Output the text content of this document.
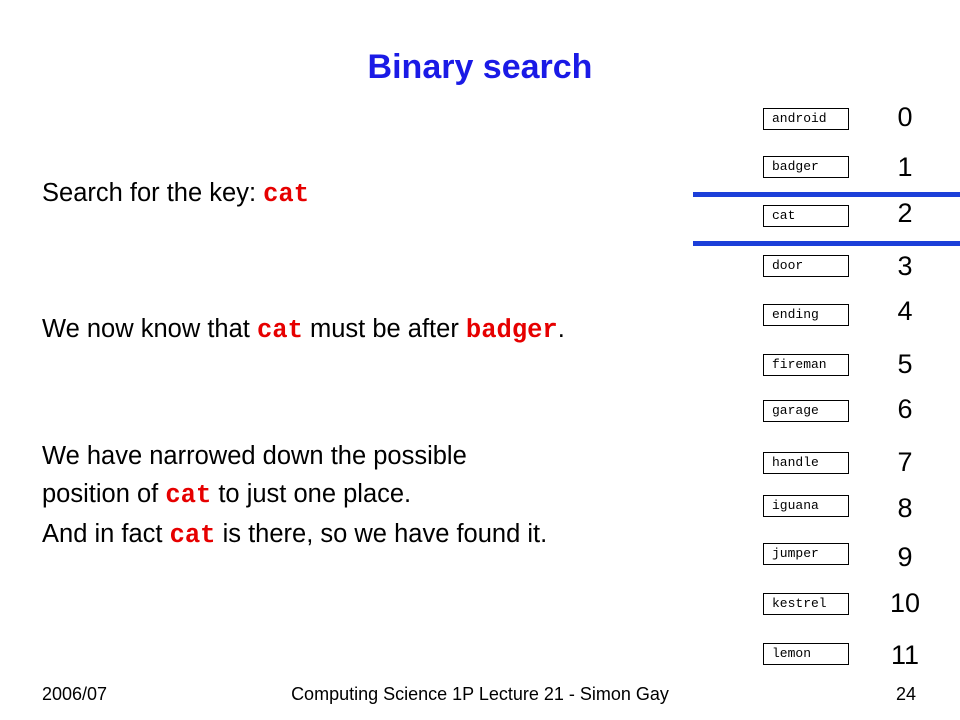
Binary search
Search for the key: cat
We now know that cat must be after badger.
We have narrowed down the possible
position of cat to just one place.
And in fact cat is there, so we have found it.
android
badger
cat
door
ending
fireman
garage
handle
iguana
jumper
kestrel
lemon
0
1
2
3
4
5
6
7
8
9
10
11
2006/07	Computing Science 1P Lecture 21 - Simon Gay	24
